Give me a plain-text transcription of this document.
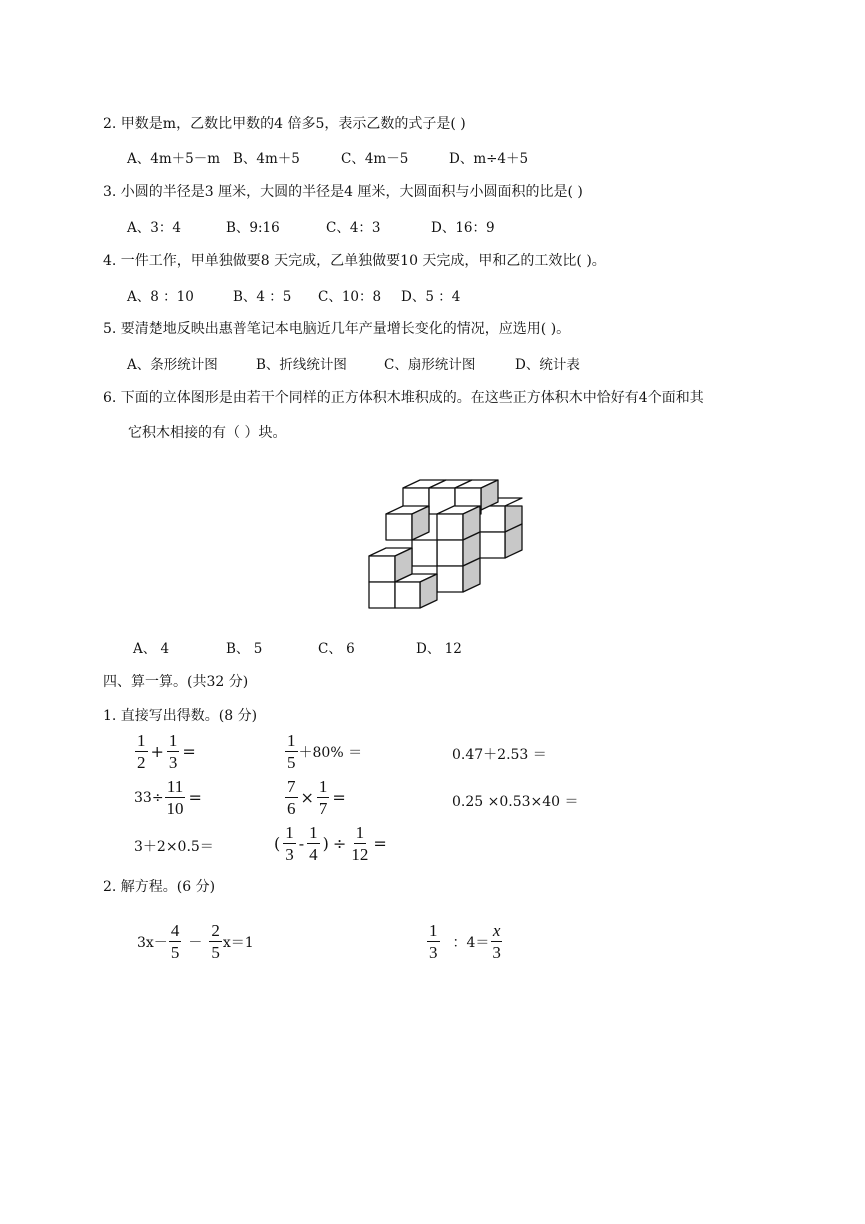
2. 甲数是m，乙数比甲数的4 倍多5，表示乙数的式子是( )
A、4m＋5－m B、4m＋5	C、4m－5	D、m÷4＋5
3. 小圆的半径是3 厘米，大圆的半径是4 厘米，大圆面积与小圆面积的比是( )
A、3：4	B、9:16	C、4：3	D、16：9
4. 一件工作，甲单独做要8 天完成，乙单独做要10 天完成，甲和乙的工效比( )。
A、8 ：10	B、4 ：5 C、10：8 D、5 ：4
5. 要清楚地反映出惠普笔记本电脑近几年产量增长变化的情况，应选用( )。
A、条形统计图	B、折线统计图	C、扇形统计图	D、统计表
6. 下面的立体图形是由若干个同样的正方体积木堆积成的。在这些正方体积木中恰好有4个面和其
它积木相接的有（ ）块。
A、 4	B、 5	C、 6	D、 12
四、算一算。(共32 分)
1. 直接写出得数。(8 分)
$\frac{1}{2} + \frac{1}{3}$ =	$\frac{1}{5} +80\%$ ＝	0.47＋2.53 ＝
$33\div \frac{11}{10}$ =	$\frac{7}{6} \times \frac{1}{7}$ =	0.25 ×0.53×40 ＝
3＋2×0.5＝	( $\frac{1}{3} - \frac{1}{4}$ ) ÷ $\frac{1}{12}$ =
2. 解方程。(6 分)
$3x- \frac{4}{5} - \frac{2}{5} x=1$	$\frac{1}{3}$ ：$4= \frac{x}{3}$
